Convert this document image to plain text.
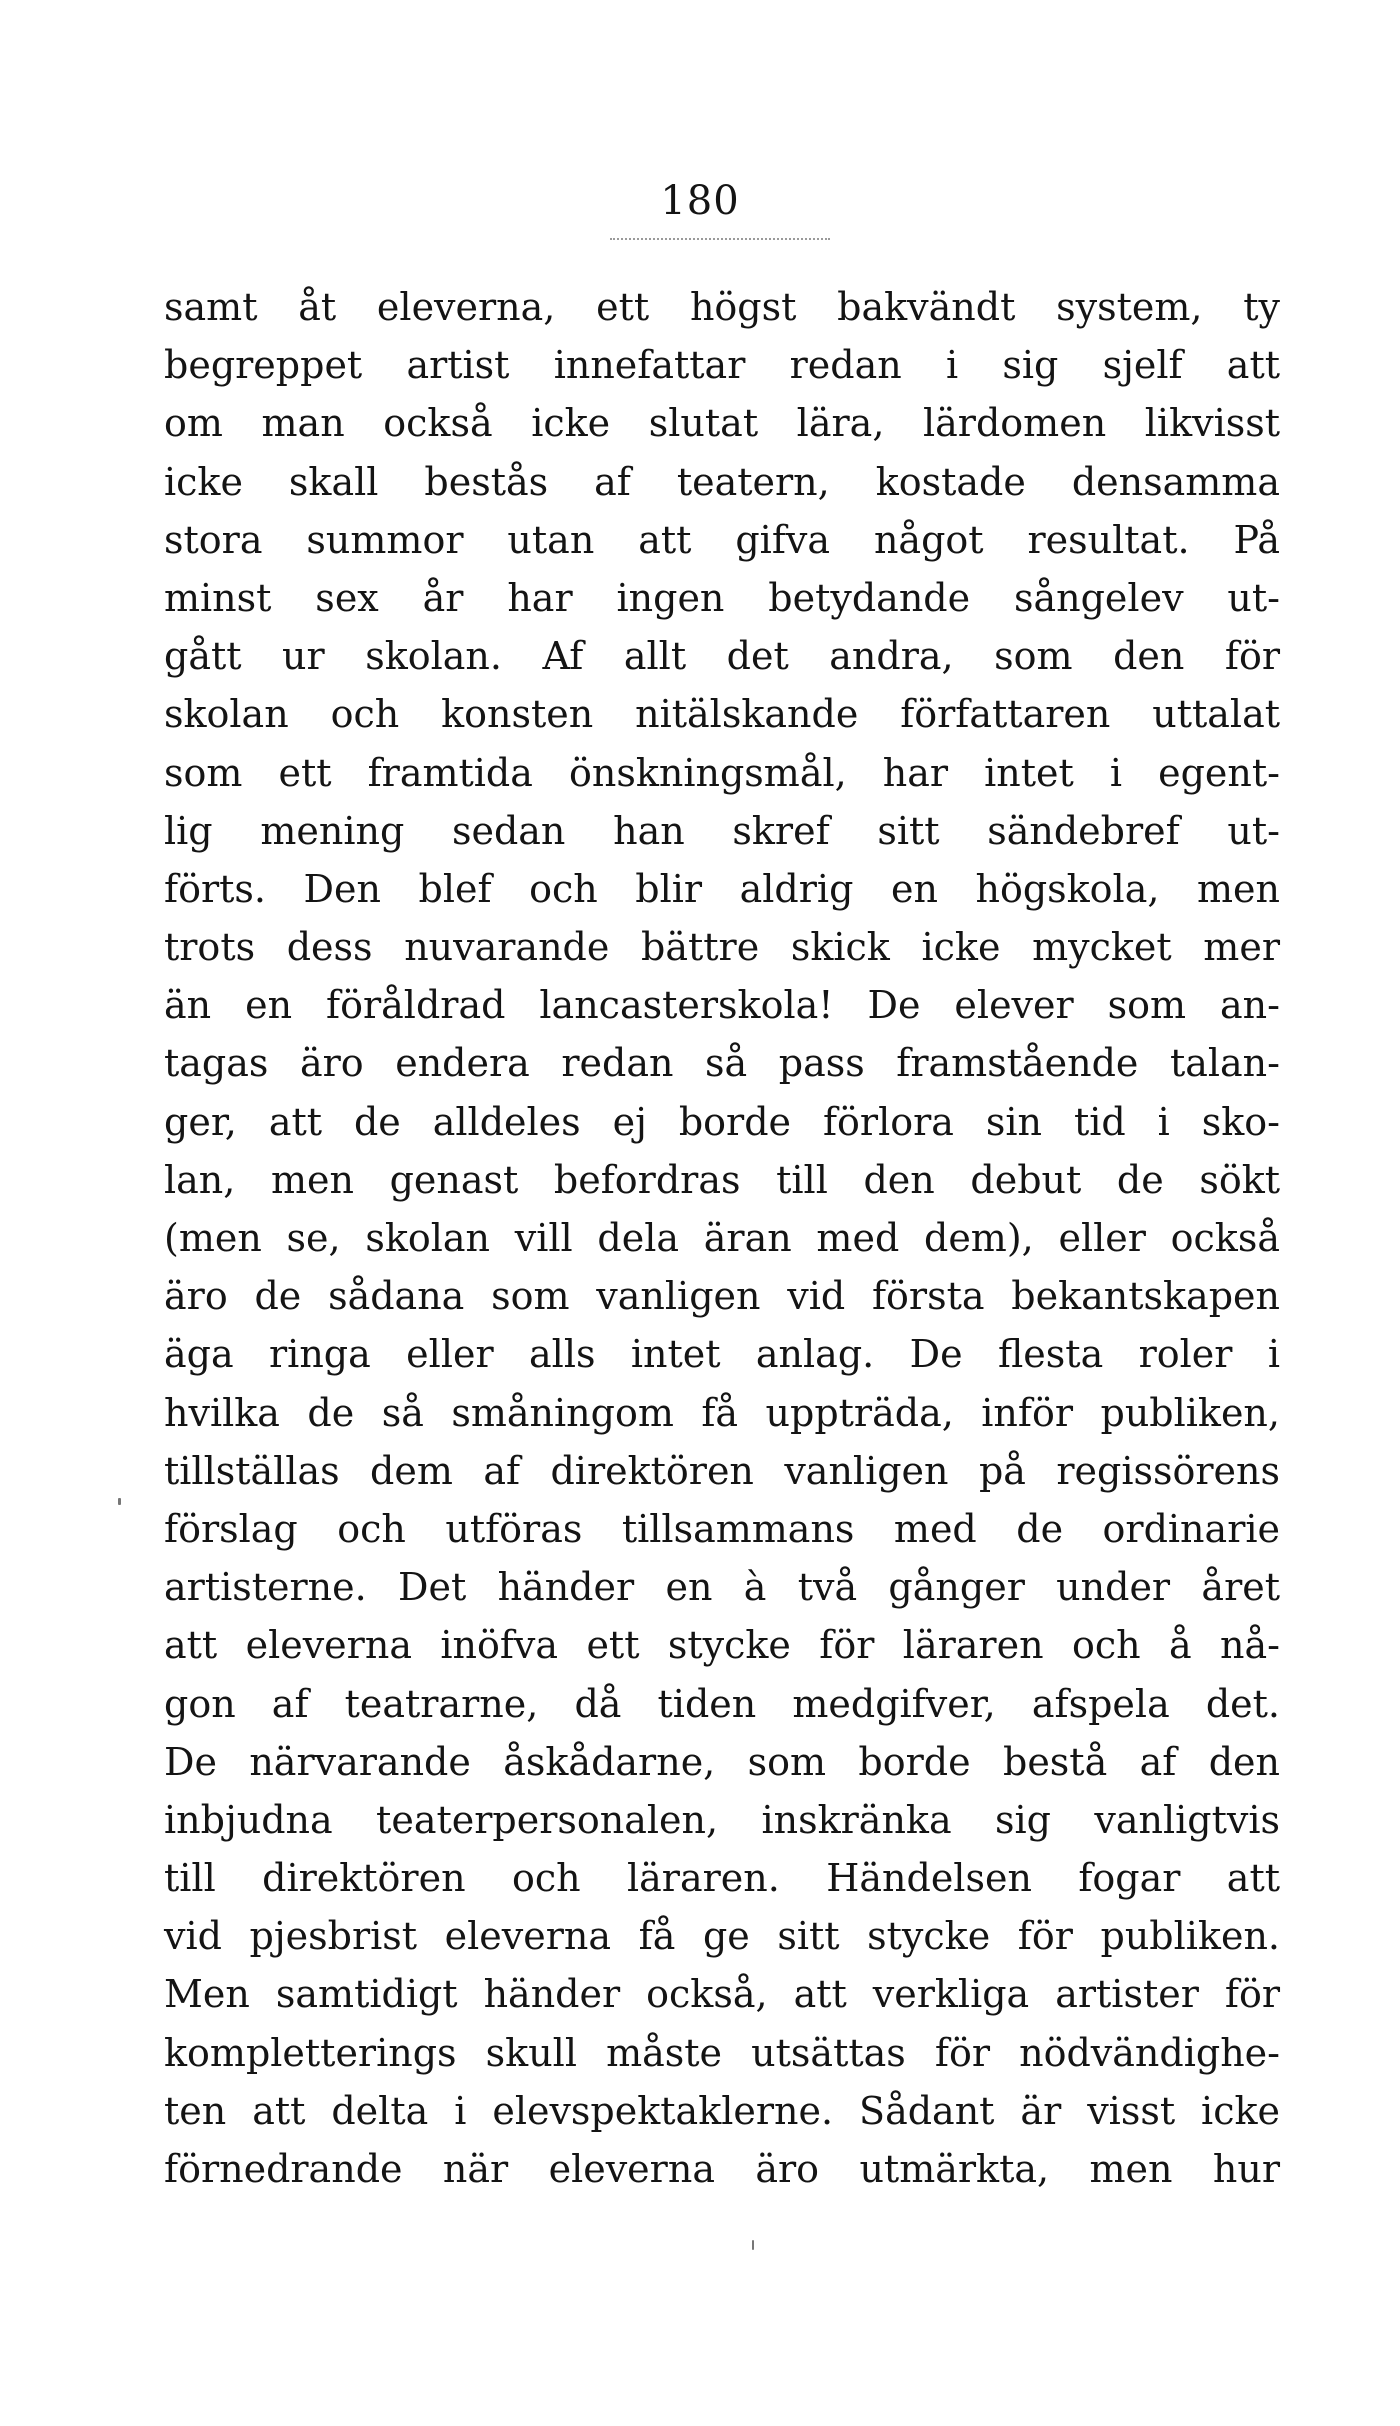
180
samt åt eleverna, ett högst bakvändt system, ty
begreppet artist innefattar redan i sig sjelf att
om man också icke slutat lära, lärdomen likvisst
icke skall bestås af teatern, kostade densamma
stora summor utan att gifva något resultat. På
minst sex år har ingen betydande sångelev ut-
gått ur skolan. Af allt det andra, som den för
skolan och konsten nitälskande författaren uttalat
som ett framtida önskningsmål, har intet i egent-
lig mening sedan han skref sitt sändebref ut-
förts. Den blef och blir aldrig en högskola, men
trots dess nuvarande bättre skick icke mycket mer
än en föråldrad lancasterskola! De elever som an-
tagas äro endera redan så pass framstående talan-
ger, att de alldeles ej borde förlora sin tid i sko-
lan, men genast befordras till den debut de sökt
(men se, skolan vill dela äran med dem), eller också
äro de sådana som vanligen vid första bekantskapen
äga ringa eller alls intet anlag. De flesta roler i
hvilka de så småningom få uppträda, inför publiken,
tillställas dem af direktören vanligen på regissörens
förslag och utföras tillsammans med de ordinarie
artisterne. Det händer en à två gånger under året
att eleverna inöfva ett stycke för läraren och å nå-
gon af teatrarne, då tiden medgifver, afspela det.
De närvarande åskådarne, som borde bestå af den
inbjudna teaterpersonalen, inskränka sig vanligtvis
till direktören och läraren. Händelsen fogar att
vid pjesbrist eleverna få ge sitt stycke för publiken.
Men samtidigt händer också, att verkliga artister för
kompletterings skull måste utsättas för nödvändighe-
ten att delta i elevspektaklerne. Sådant är visst icke
förnedrande när eleverna äro utmärkta, men hur
